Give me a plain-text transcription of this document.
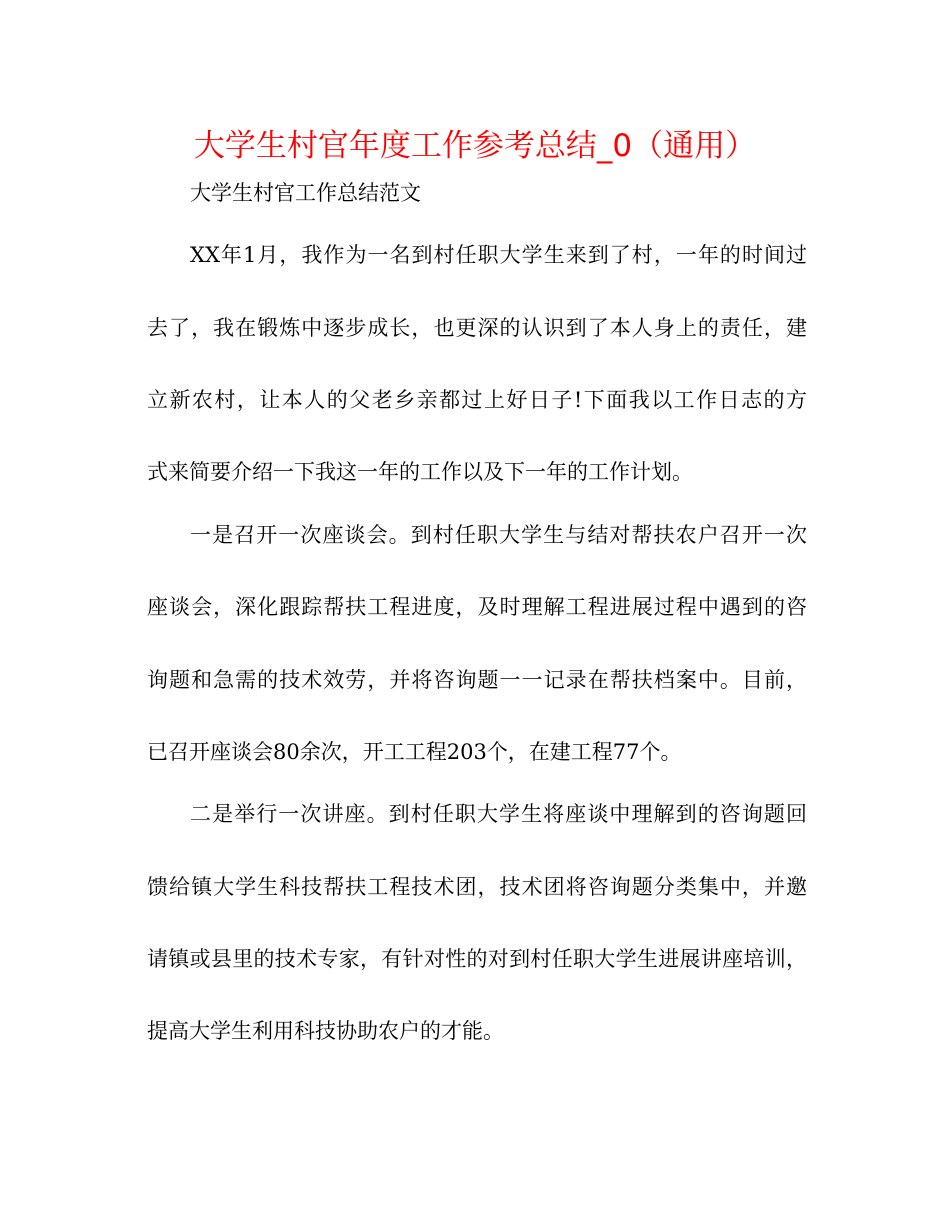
大学生村官年度工作参考总结_0（通用）
大学生村官工作总结范文
XX年1月，我作为一名到村任职大学生来到了村，一年的时间过
去了，我在锻炼中逐步成长，也更深的认识到了本人身上的责任，建
立新农村，让本人的父老乡亲都过上好日子!下面我以工作日志的方
式来简要介绍一下我这一年的工作以及下一年的工作计划。
一是召开一次座谈会。到村任职大学生与结对帮扶农户召开一次
座谈会，深化跟踪帮扶工程进度，及时理解工程进展过程中遇到的咨
询题和急需的技术效劳，并将咨询题一一记录在帮扶档案中。目前，
已召开座谈会80余次，开工工程203个，在建工程77个。
二是举行一次讲座。到村任职大学生将座谈中理解到的咨询题回
馈给镇大学生科技帮扶工程技术团，技术团将咨询题分类集中，并邀
请镇或县里的技术专家，有针对性的对到村任职大学生进展讲座培训，
提高大学生利用科技协助农户的才能。
